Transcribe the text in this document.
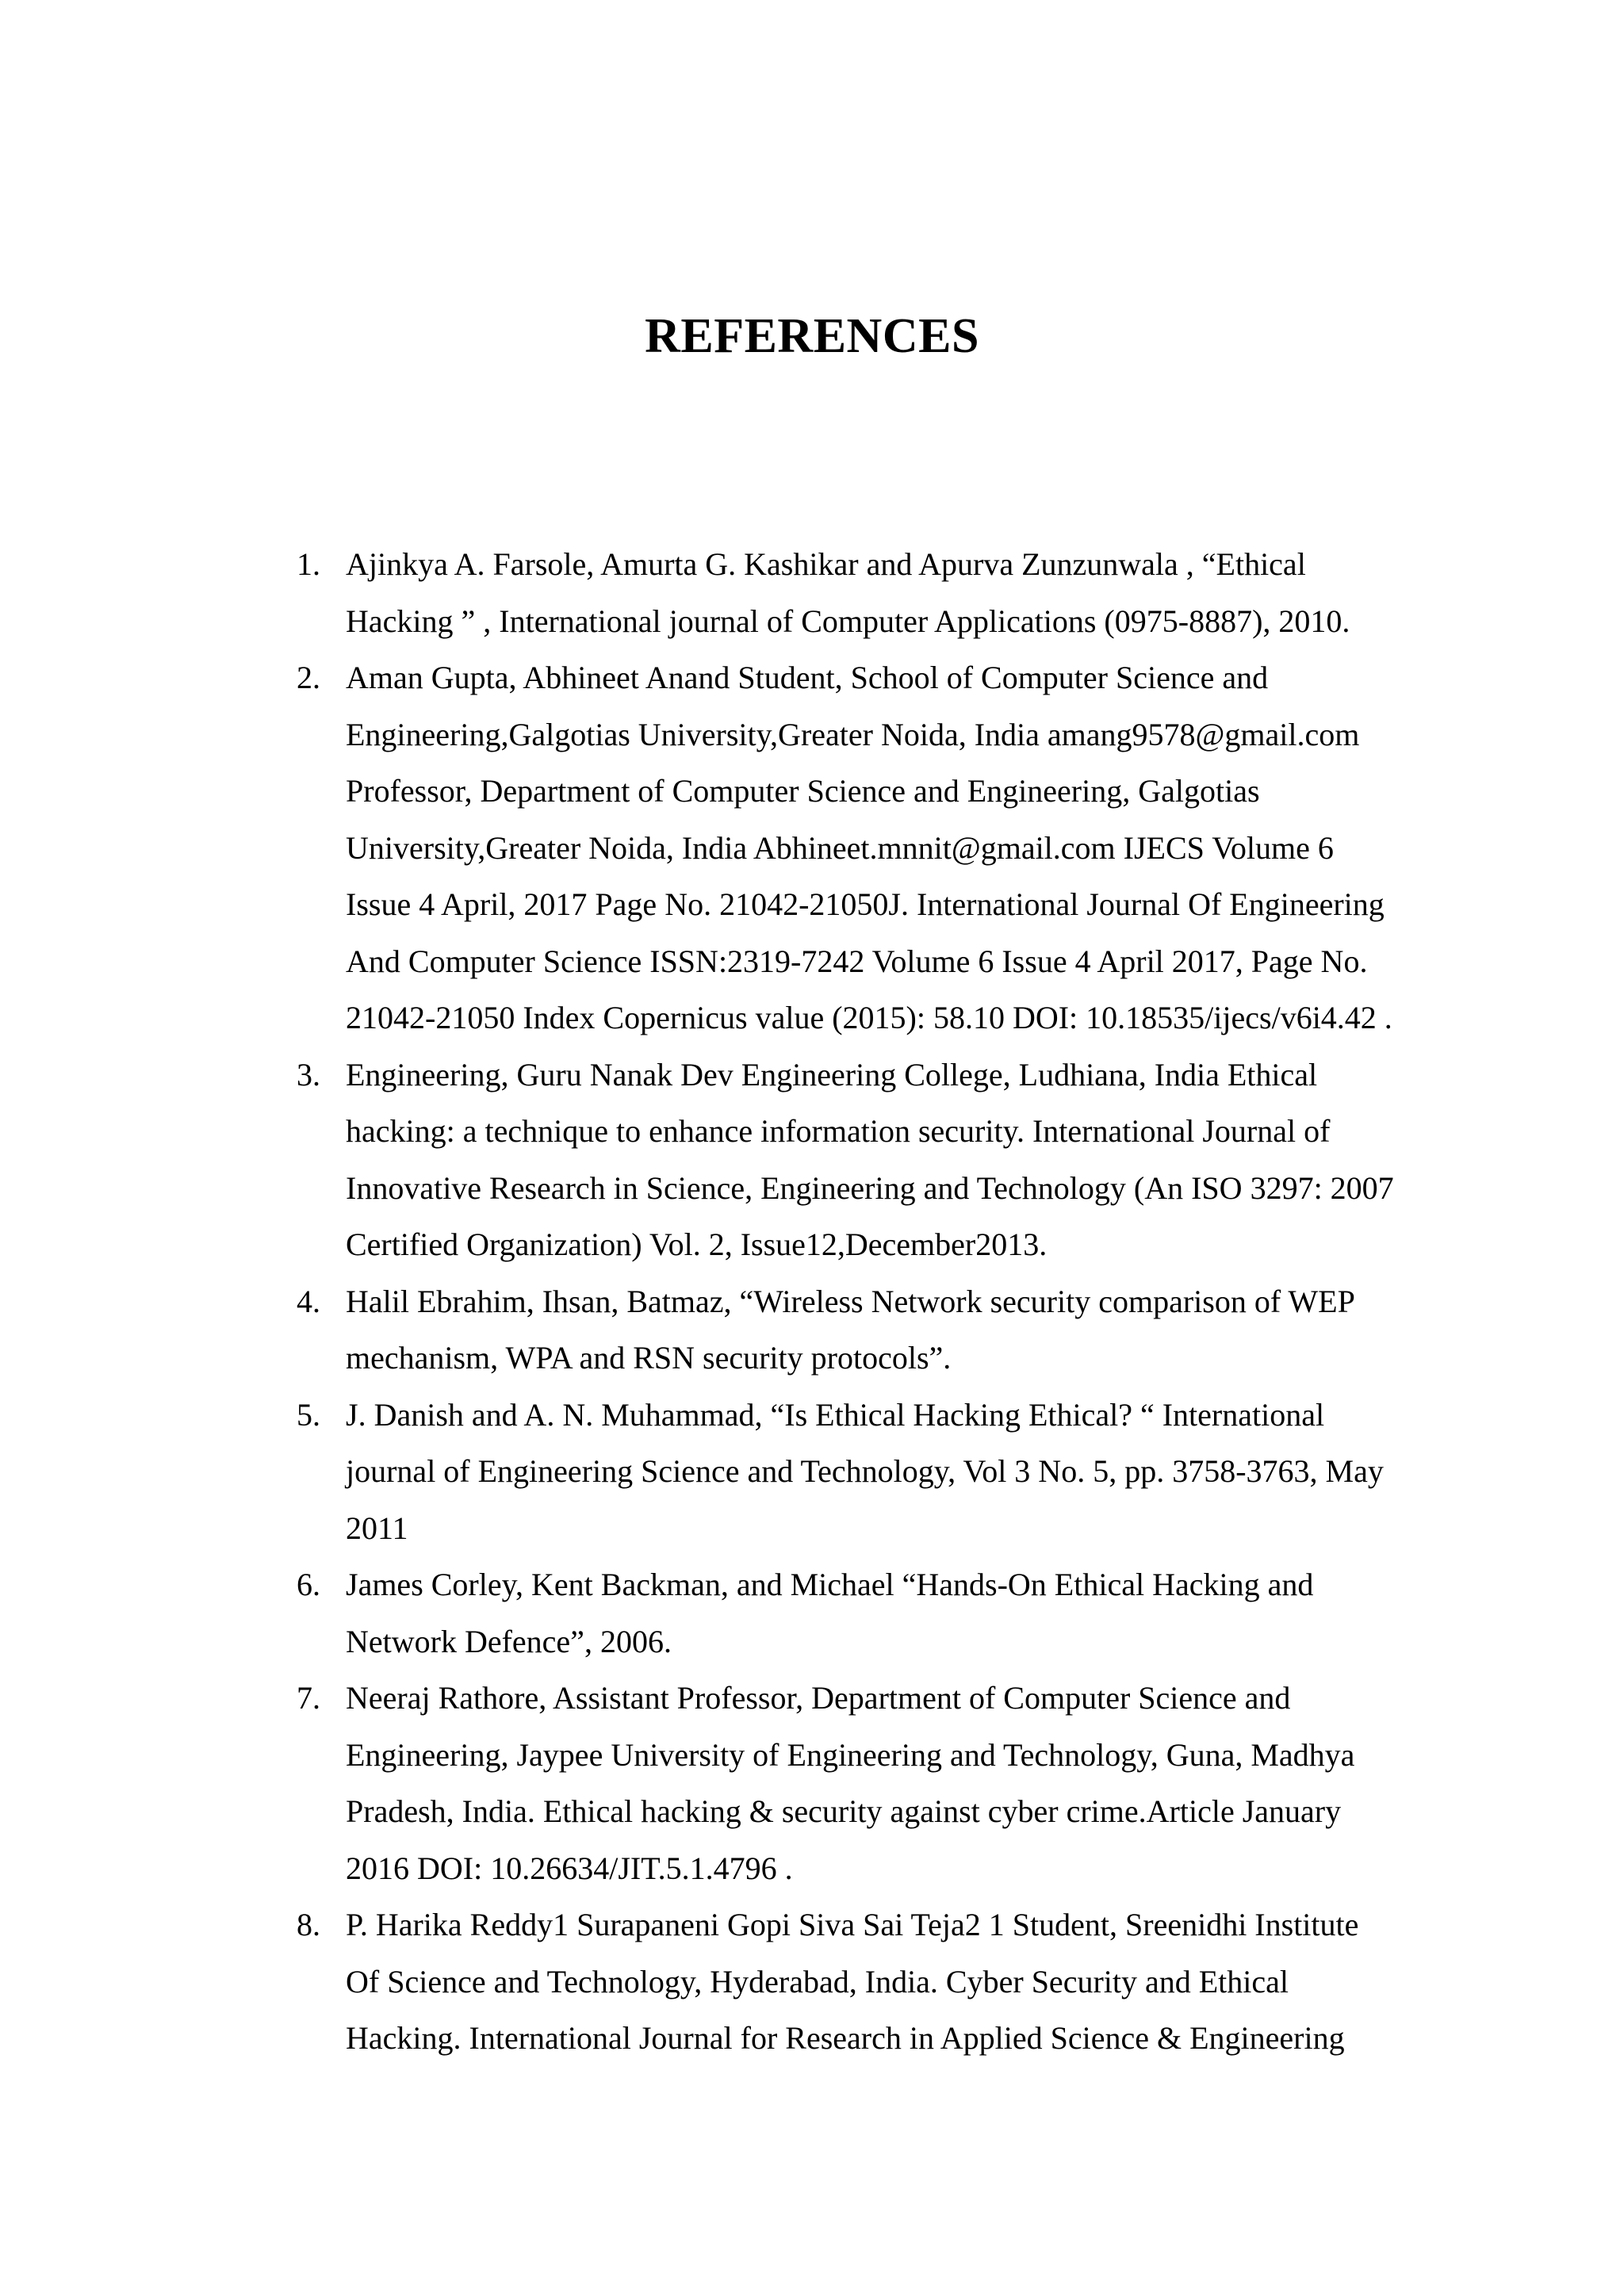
REFERENCES
1. Ajinkya A. Farsole, Amurta G. Kashikar and Apurva Zunzunwala , “Ethical
Hacking ” , International journal of Computer Applications (0975-8887), 2010.
2. Aman Gupta, Abhineet Anand Student, School of Computer Science and
Engineering,Galgotias University,Greater Noida, India amang9578@gmail.com
Professor, Department of Computer Science and Engineering, Galgotias
University,Greater Noida, India Abhineet.mnnit@gmail.com IJECS Volume 6
Issue 4 April, 2017 Page No. 21042-21050J. International Journal Of Engineering
And Computer Science ISSN:2319-7242 Volume 6 Issue 4 April 2017, Page No.
21042-21050 Index Copernicus value (2015): 58.10 DOI: 10.18535/ijecs/v6i4.42 .
3. Engineering, Guru Nanak Dev Engineering College, Ludhiana, India Ethical
hacking: a technique to enhance information security. International Journal of
Innovative Research in Science, Engineering and Technology (An ISO 3297: 2007
Certified Organization) Vol. 2, Issue12,December2013.
4. Halil Ebrahim, Ihsan, Batmaz, “Wireless Network security comparison of WEP
mechanism, WPA and RSN security protocols”.
5. J. Danish and A. N. Muhammad, “Is Ethical Hacking Ethical? “ International
journal of Engineering Science and Technology, Vol 3 No. 5, pp. 3758-3763, May
2011
6. James Corley, Kent Backman, and Michael “Hands-On Ethical Hacking and
Network Defence”, 2006.
7. Neeraj Rathore, Assistant Professor, Department of Computer Science and
Engineering, Jaypee University of Engineering and Technology, Guna, Madhya
Pradesh, India. Ethical hacking & security against cyber crime.Article January
2016 DOI: 10.26634/JIT.5.1.4796 .
8. P. Harika Reddy1 Surapaneni Gopi Siva Sai Teja2 1 Student, Sreenidhi Institute
Of Science and Technology, Hyderabad, India. Cyber Security and Ethical
Hacking. International Journal for Research in Applied Science & Engineering
